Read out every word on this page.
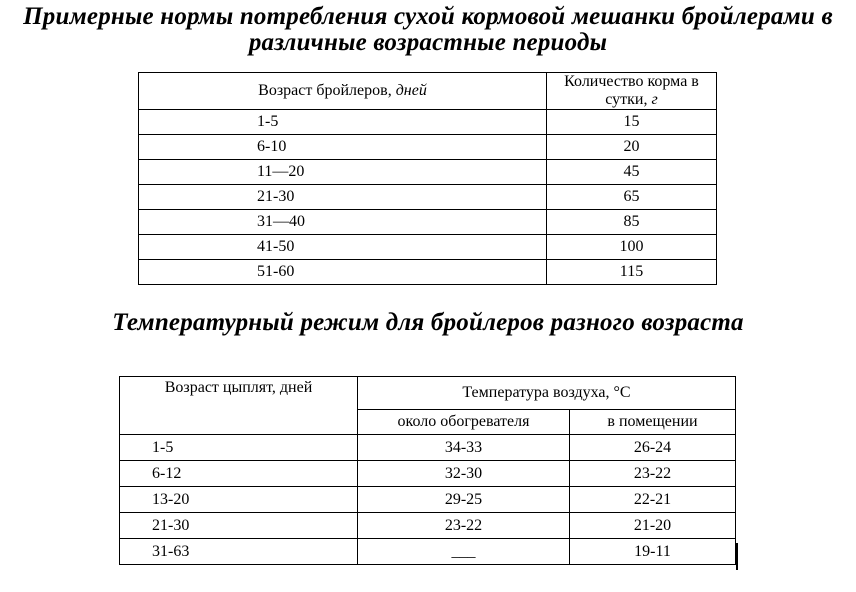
Примерные нормы потребления сухой кормовой мешанки бройлерами в различные возрастные периоды
Возраст бройлеров, дней	Количество корма в сутки, г
1-5	15
6-10	20
11—20	45
21-30	65
31—40	85
41-50	100
51-60	115
Температурный режим для бройлеров разного возраста
Возраст цыплят, дней	Температура воздуха, °С	
	около обогревателя	в помещении
1-5	34-33	26-24
6-12	32-30	23-22
13-20	29-25	22-21
21-30	23-22	21-20
31-63	___	19-11
